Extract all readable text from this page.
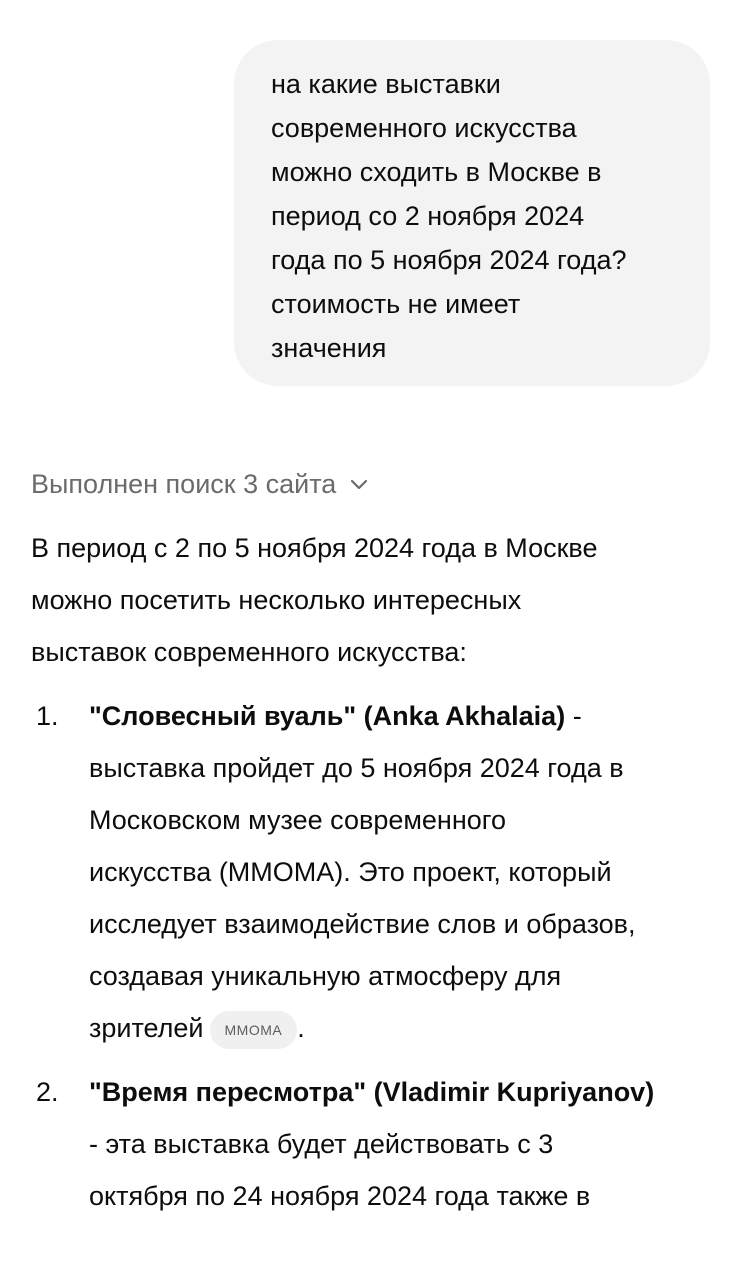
на какие выставки
современного искусства
можно сходить в Москве в
период со 2 ноября 2024
года по 5 ноября 2024 года?
стоимость не имеет
значения
Выполнен поиск 3 сайта
В период с 2 по 5 ноября 2024 года в Москве
можно посетить несколько интересных
выставок современного искусства:
1. "Словесный вуаль" (Anka Akhalaia) -
выставка пройдет до 5 ноября 2024 года в
Московском музее современного
искусства (ММОМА). Это проект, который
исследует взаимодействие слов и образов,
создавая уникальную атмосферу для
зрителей MMOMA .
2. "Время пересмотра" (Vladimir Kupriyanov)
- эта выставка будет действовать с 3
октября по 24 ноября 2024 года также в
